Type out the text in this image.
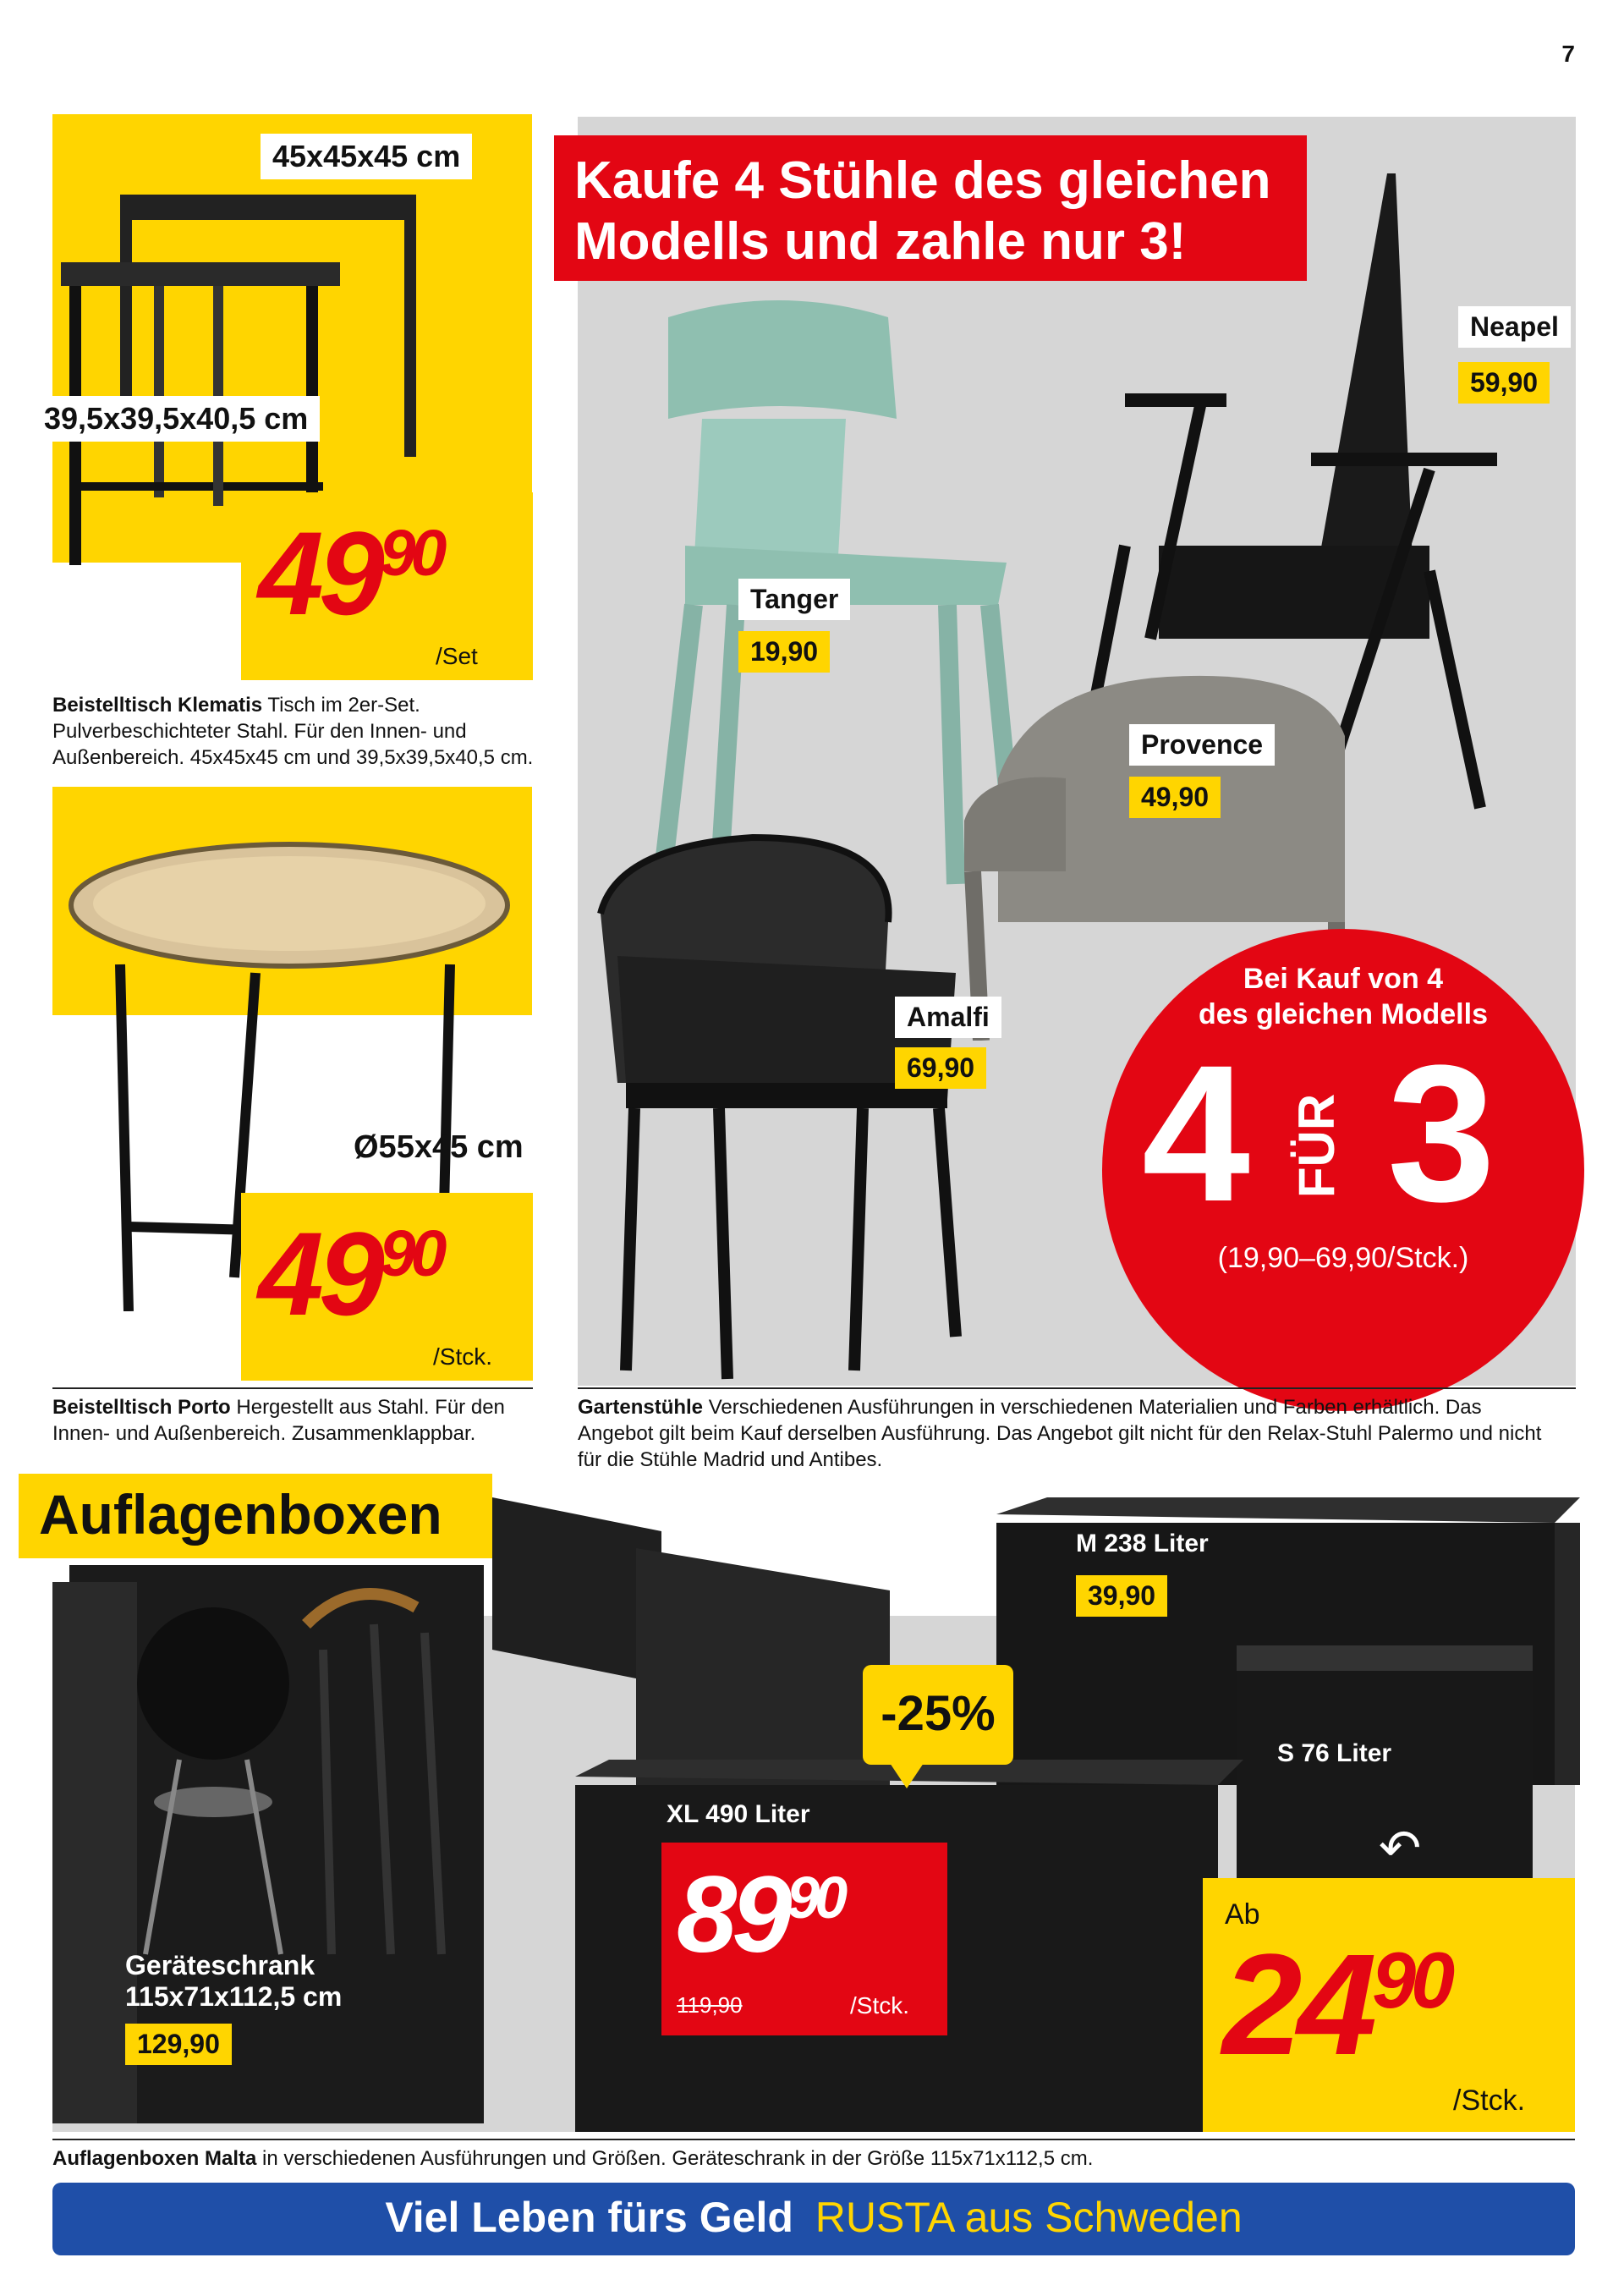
7
45x45x45 cm
39,5x39,5x40,5 cm
$49^{90}$
/Set
Beistelltisch Klematis Tisch im 2er-Set. Pulverbeschichteter Stahl. Für den Innen- und Außenbereich. 45x45x45 cm und 39,5x39,5x40,5 cm.
Ø55x45 cm
$49^{90}$
/Stck.
Beistelltisch Porto Hergestellt aus Stahl. Für den Innen- und Außenbereich. Zusammenklappbar.
Kaufe 4 Stühle des gleichen
Modells und zahle nur 3!
Neapel
59,90
Tanger
19,90
Provence
49,90
Amalfi
69,90
Bei Kauf von 4
des gleichen Modells
4 FÜR 3
(19,90–69,90/Stck.)
Gartenstühle Verschiedenen Ausführungen in verschiedenen Materialien und Farben erhältlich. Das Angebot gilt beim Kauf derselben Ausführung. Das Angebot gilt nicht für den Relax-Stuhl Palermo und nicht für die Stühle Madrid und Antibes.
Auflagenboxen
Geräteschrank
115x71x112,5 cm
129,90
M 238 Liter
39,90
S 76 Liter
↶
XL 490 Liter
-25%
$89^{90}$
119,90	/Stck.
Ab
$24^{90}$
/Stck.
Auflagenboxen Malta in verschiedenen Ausführungen und Größen. Geräteschrank in der Größe 115x71x112,5 cm.
Viel Leben fürs Geld RUSTA aus Schweden
